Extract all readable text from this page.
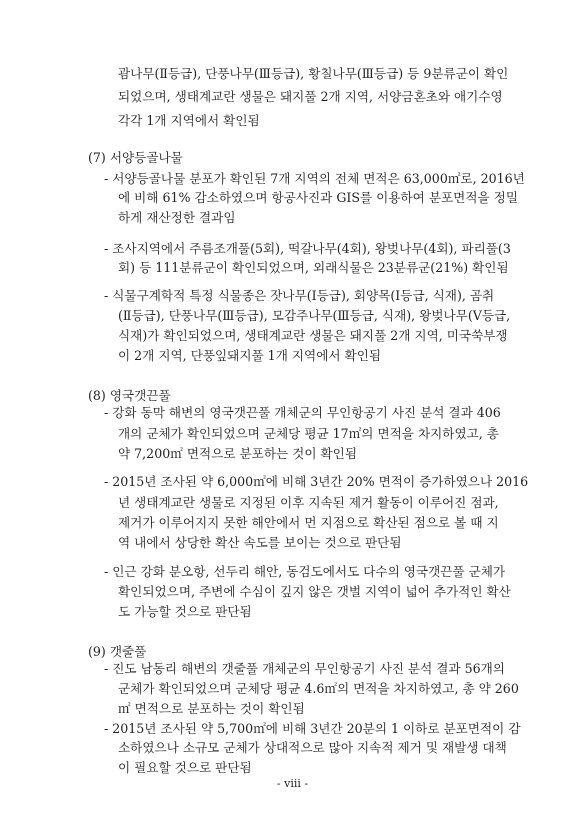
괌나무(Ⅱ등급), 단풍나무(Ⅲ등급), 황칠나무(Ⅲ등급) 등 9분류군이 확인
되었으며, 생태계교란 생물은 돼지풀 2개 지역, 서양금혼초와 애기수영
각각 1개 지역에서 확인됨
(7) 서양등골나물
- 서양등골나물 분포가 확인된 7개 지역의 전체 면적은 63,000㎡로, 2016년
에 비해 61% 감소하였으며 항공사진과 GIS를 이용하여 분포면적을 정밀
하게 재산정한 결과임
- 조사지역에서 주름조개풀(5회), 떡갈나무(4회), 왕벚나무(4회), 파리풀(3
회) 등 111분류군이 확인되었으며, 외래식물은 23분류군(21%) 확인됨
- 식물구계학적 특정 식물종은 잣나무(Ⅰ등급), 회양목(Ⅰ등급, 식재), 곰취
(Ⅱ등급), 단풍나무(Ⅲ등급), 모감주나무(Ⅲ등급, 식재), 왕벚나무(Ⅴ등급,
식재)가 확인되었으며, 생태계교란 생물은 돼지풀 2개 지역, 미국쑥부쟁
이 2개 지역, 단풍잎돼지풀 1개 지역에서 확인됨
(8) 영국갯끈풀
- 강화 동막 해변의 영국갯끈풀 개체군의 무인항공기 사진 분석 결과 406
개의 군체가 확인되었으며 군체당 평균 17㎡의 면적을 차지하였고, 총
약 7,200㎡ 면적으로 분포하는 것이 확인됨
- 2015년 조사된 약 6,000㎡에 비해 3년간 20% 면적이 증가하였으나 2016
년 생태계교란 생물로 지정된 이후 지속된 제거 활동이 이루어진 점과,
제거가 이루어지지 못한 해안에서 먼 지점으로 확산된 점으로 볼 때 지
역 내에서 상당한 확산 속도를 보이는 것으로 판단됨
- 인근 강화 분오항, 선두리 해안, 동검도에서도 다수의 영국갯끈풀 군체가
확인되었으며, 주변에 수심이 깊지 않은 갯벌 지역이 넓어 추가적인 확산
도 가능할 것으로 판단됨
(9) 갯줄풀
- 진도 남동리 해변의 갯줄풀 개체군의 무인항공기 사진 분석 결과 56개의
군체가 확인되었으며 군체당 평균 4.6㎡의 면적을 차지하였고, 총 약 260
㎡ 면적으로 분포하는 것이 확인됨
- 2015년 조사된 약 5,700㎡에 비해 3년간 20분의 1 이하로 분포면적이 감
소하였으나 소규모 군체가 상대적으로 많아 지속적 제거 및 재발생 대책
이 필요할 것으로 판단됨
- viii -
